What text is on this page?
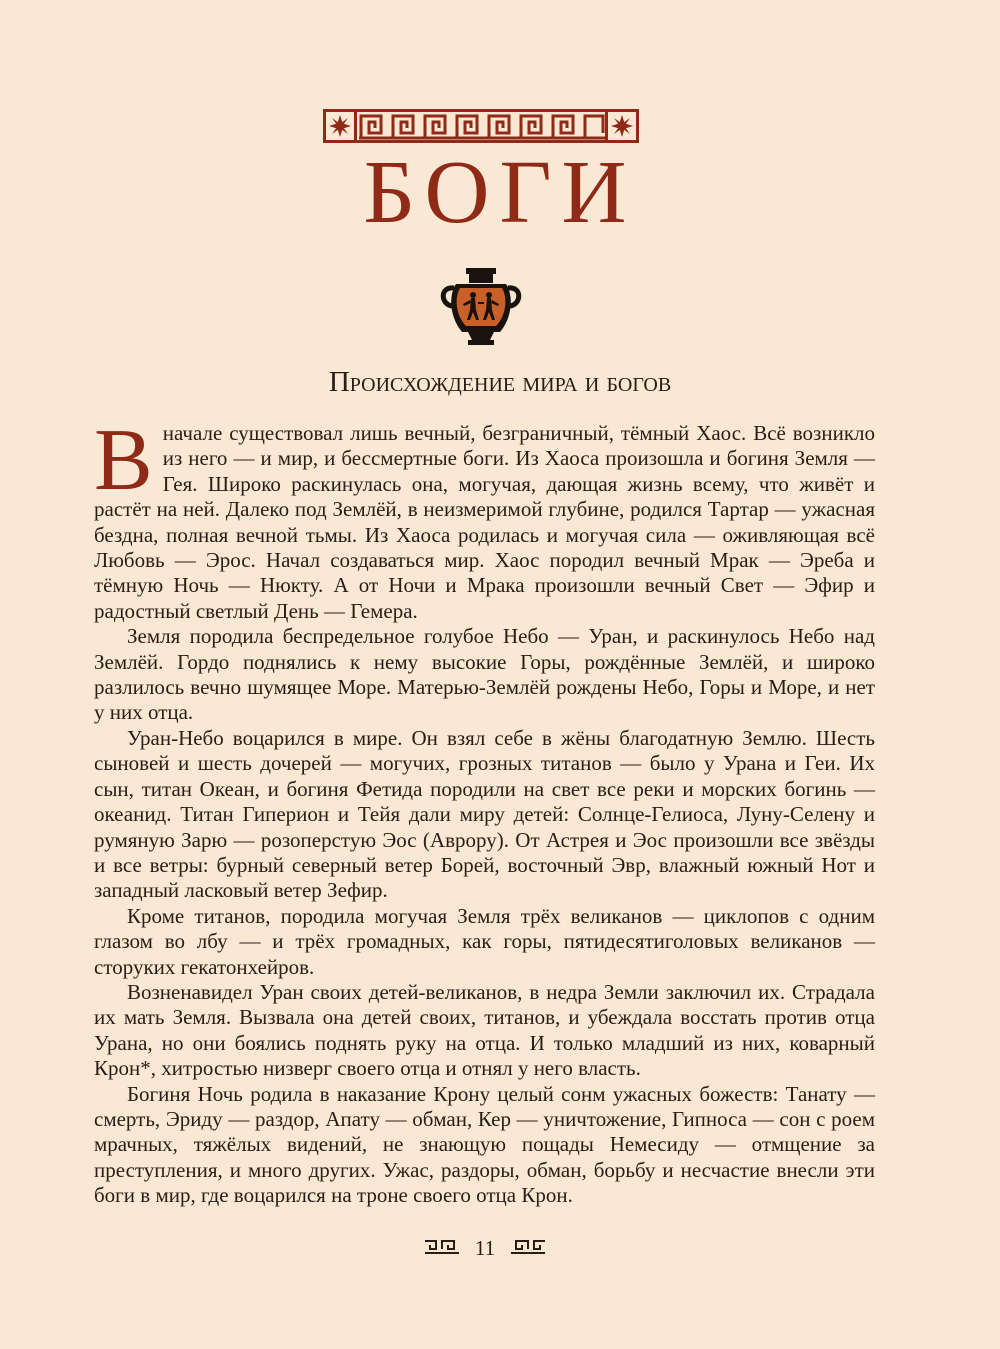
БОГИ
Происхождение мира и богов

Вначале существовал лишь вечный, безграничный, тёмный Хаос. Всё возникло из него — и мир, и бессмертные боги. Из Хаоса произошла и богиня Земля — Гея. Широко раскинулась она, могучая, дающая жизнь всему, что живёт и растёт на ней. Далеко под Землёй, в неизмеримой глубине, родился Тартар — ужасная бездна, полная вечной тьмы. Из Хаоса родилась и могучая сила — оживляющая всё Любовь — Эрос. Начал создаваться мир. Хаос породил вечный Мрак — Эреба и тёмную Ночь — Нюкту. А от Ночи и Мрака произошли вечный Свет — Эфир и радостный светлый День — Гемера.

Земля породила беспредельное голубое Небо — Уран, и раскинулось Небо над Землёй. Гордо поднялись к нему высокие Горы, рождённые Землёй, и широко разлилось вечно шумящее Море. Матерью-Землёй рождены Небо, Горы и Море, и нет у них отца.

Уран-Небо воцарился в мире. Он взял себе в жёны благодатную Землю. Шесть сыновей и шесть дочерей — могучих, грозных титанов — было у Урана и Геи. Их сын, титан Океан, и богиня Фетида породили на свет все реки и морских богинь — океанид. Титан Гиперион и Тейя дали миру детей: Солнце-Гелиоса, Луну-Селену и румяную Зарю — розоперстую Эос (Аврору). От Астрея и Эос произошли все звёзды и все ветры: бурный северный ветер Борей, восточный Эвр, влажный южный Нот и западный ласковый ветер Зефир.

Кроме титанов, породила могучая Земля трёх великанов — циклопов с одним глазом во лбу — и трёх громадных, как горы, пятидесятиголовых великанов — сторуких гекатонхейров.

Возненавидел Уран своих детей-великанов, в недра Земли заключил их. Страдала их мать Земля. Вызвала она детей своих, титанов, и убеждала восстать против отца Урана, но они боялись поднять руку на отца. И только младший из них, коварный Крон*, хитростью низверг своего отца и отнял у него власть.

Богиня Ночь родила в наказание Крону целый сонм ужасных божеств: Танату — смерть, Эриду — раздор, Апату — обман, Кер — уничтожение, Гипноса — сон с роем мрачных, тяжёлых видений, не знающую пощады Немесиду — отмщение за преступления, и много других. Ужас, раздоры, обман, борьбу и несчастие внесли эти боги в мир, где воцарился на троне своего отца Крон.

11
